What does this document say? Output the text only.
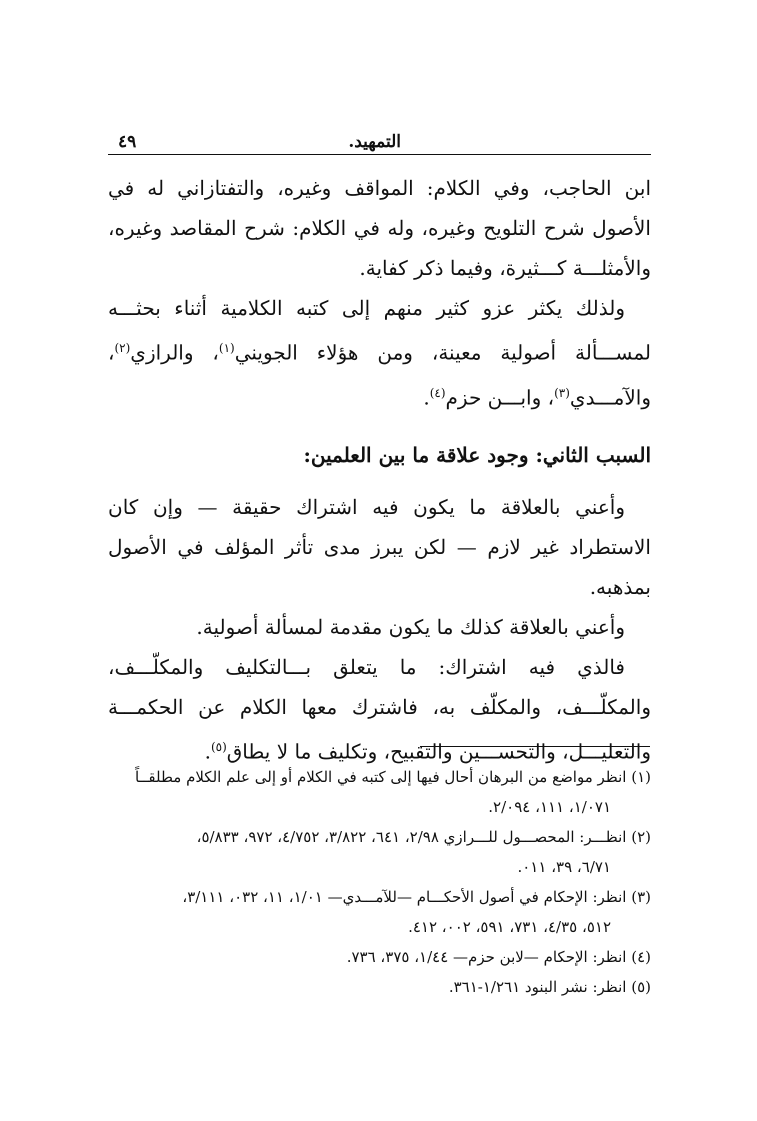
التمهيد.
٤٩

ابن الحاجب، وفي الكلام: المواقف وغيره، والتفتازاني له في الأصول شرح التلويح وغيره، وله في الكلام: شرح المقاصد وغيره، والأمثلـــة كـــثيرة، وفيما ذكر كفاية.

ولذلك يكثر عزو كثير منهم إلى كتبه الكلامية أثناء بحثـــه لمســـألة أصولية معينة، ومن هؤلاء الجويني$^{(١)}$، والرازي$^{(٢)}$، والآمـــدي$^{(٣)}$، وابـــن حزم$^{(٤)}$.

السبب الثاني: وجود علاقة ما بين العلمين:

وأعني بالعلاقة ما يكون فيه اشتراك حقيقة — وإن كان الاستطراد غير لازم — لكن يبرز مدى تأثر المؤلف في الأصول بمذهبه.

وأعني بالعلاقة كذلك ما يكون مقدمة لمسألة أصولية.

فالذي فيه اشتراك: ما يتعلق بـــالتكليف والمكلّـــف، والمكلّـــف، والمكلّف به، فاشترك معها الكلام عن الحكمـــة والتعليـــل، والتحســـين والتقبيح، وتكليف ما لا يطاق$^{(٥)}$.

(١) انظر مواضع من البرهان أحال فيها إلى كتبه في الكلام أو إلى علم الكلام مطلقــاً

١/٠٧١، ١١١، ٢/٠٩٤.

(٢) انظـــر: المحصـــول للـــرازي ٢/٩٨، ٦٤١، ٣/٨٢٢، ٤/٧٥٢، ٩٧٢، ٥/٨٣٣،

٦/٧١، ٣٩، ٠١١.

(٣) انظر: الإحكام في أصول الأحكـــام —للآمـــدي— ١/٠١، ١١، ٠٣٢، ٣/١١١،

٥١٢، ٤/٣٥، ٧٣١، ٥٩١، ٠٠٢، ٤١٢.

(٤) انظر: الإحكام —لابن حزم— ١/٤٤، ٣٧٥، ٧٣٦.

(٥) انظر: نشر البنود ١/٢٦١-٣٦١.
